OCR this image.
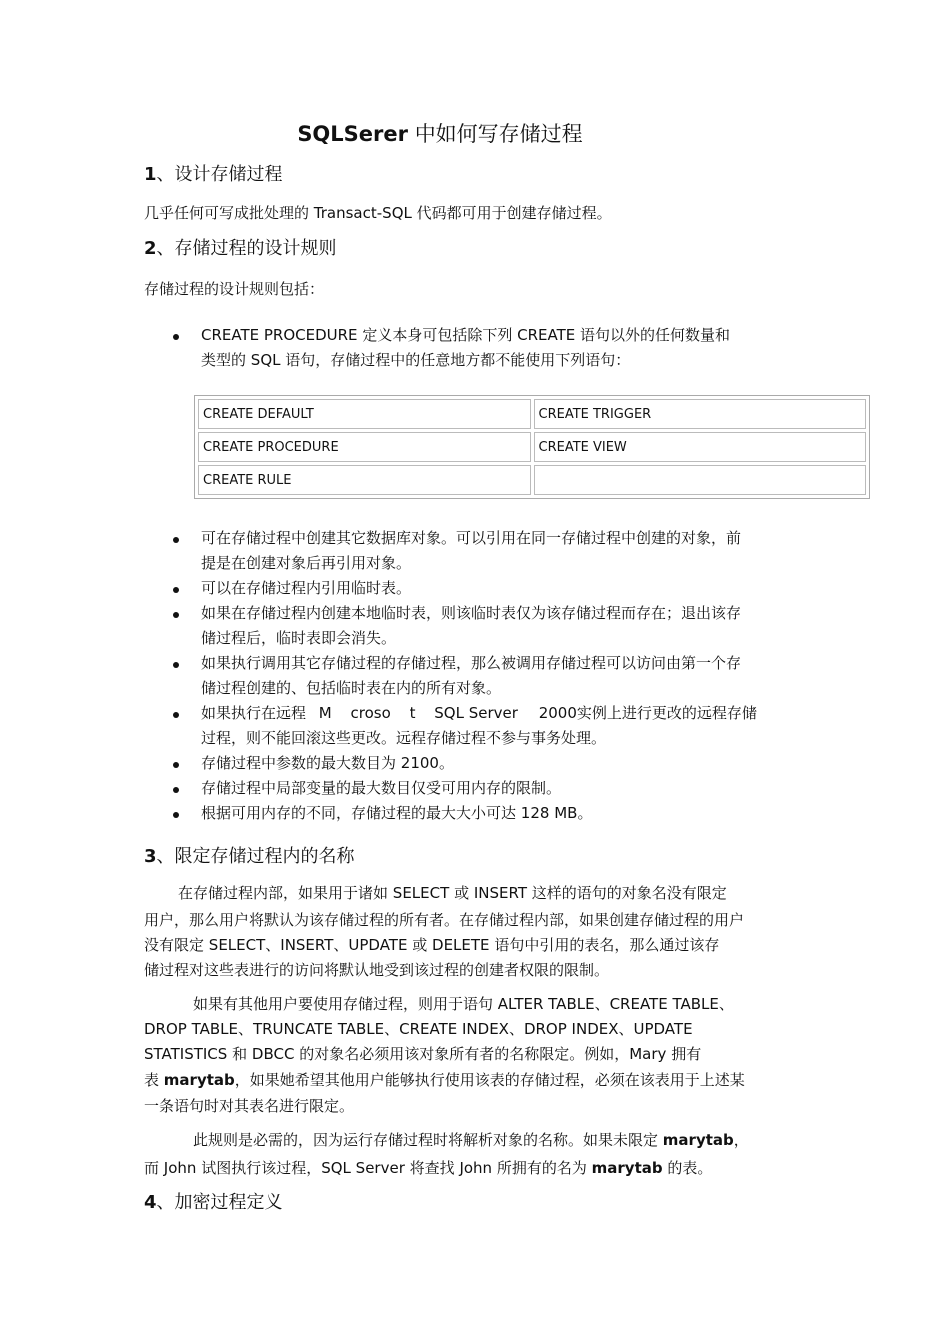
SQLSerer 中如何写存储过程
1、设计存储过程
几乎任何可写成批处理的 Transact-SQL 代码都可用于创建存储过程。
2、存储过程的设计规则
存储过程的设计规则包括：
CREATE PROCEDURE 定义本身可包括除下列 CREATE 语句以外的任何数量和
类型的 SQL 语句，存储过程中的任意地方都不能使用下列语句：
CREATE DEFAULT	CREATE TRIGGER
CREATE PROCEDURE	CREATE VIEW
CREATE RULE	
可在存储过程中创建其它数据库对象。可以引用在同一存储过程中创建的对象，前
提是在创建对象后再引用对象。
可以在存储过程内引用临时表。
如果在存储过程内创建本地临时表，则该临时表仅为该存储过程而存在；退出该存
储过程后，临时表即会消失。
如果执行调用其它存储过程的存储过程，那么被调用存储过程可以访问由第一个存
储过程创建的、包括临时表在内的所有对象。
如果执行在远程 M croso t SQL Server 2000实例上进行更改的远程存储
过程，则不能回滚这些更改。远程存储过程不参与事务处理。
存储过程中参数的最大数目为 2100。
存储过程中局部变量的最大数目仅受可用内存的限制。
根据可用内存的不同，存储过程的最大大小可达 128 MB。
3、限定存储过程内的名称
在存储过程内部，如果用于诸如 SELECT 或 INSERT 这样的语句的对象名没有限定
用户，那么用户将默认为该存储过程的所有者。在存储过程内部，如果创建存储过程的用户
没有限定 SELECT、INSERT、UPDATE 或 DELETE 语句中引用的表名，那么通过该存
储过程对这些表进行的访问将默认地受到该过程的创建者权限的限制。
如果有其他用户要使用存储过程，则用于语句 ALTER TABLE、CREATE TABLE、
DROP TABLE、TRUNCATE TABLE、CREATE INDEX、DROP INDEX、UPDATE
STATISTICS 和 DBCC 的对象名必须用该对象所有者的名称限定。例如，Mary 拥有
表 marytab，如果她希望其他用户能够执行使用该表的存储过程，必须在该表用于上述某
一条语句时对其表名进行限定。
此规则是必需的，因为运行存储过程时将解析对象的名称。如果未限定 marytab，
而 John 试图执行该过程，SQL Server 将查找 John 所拥有的名为 marytab 的表。
4、加密过程定义
